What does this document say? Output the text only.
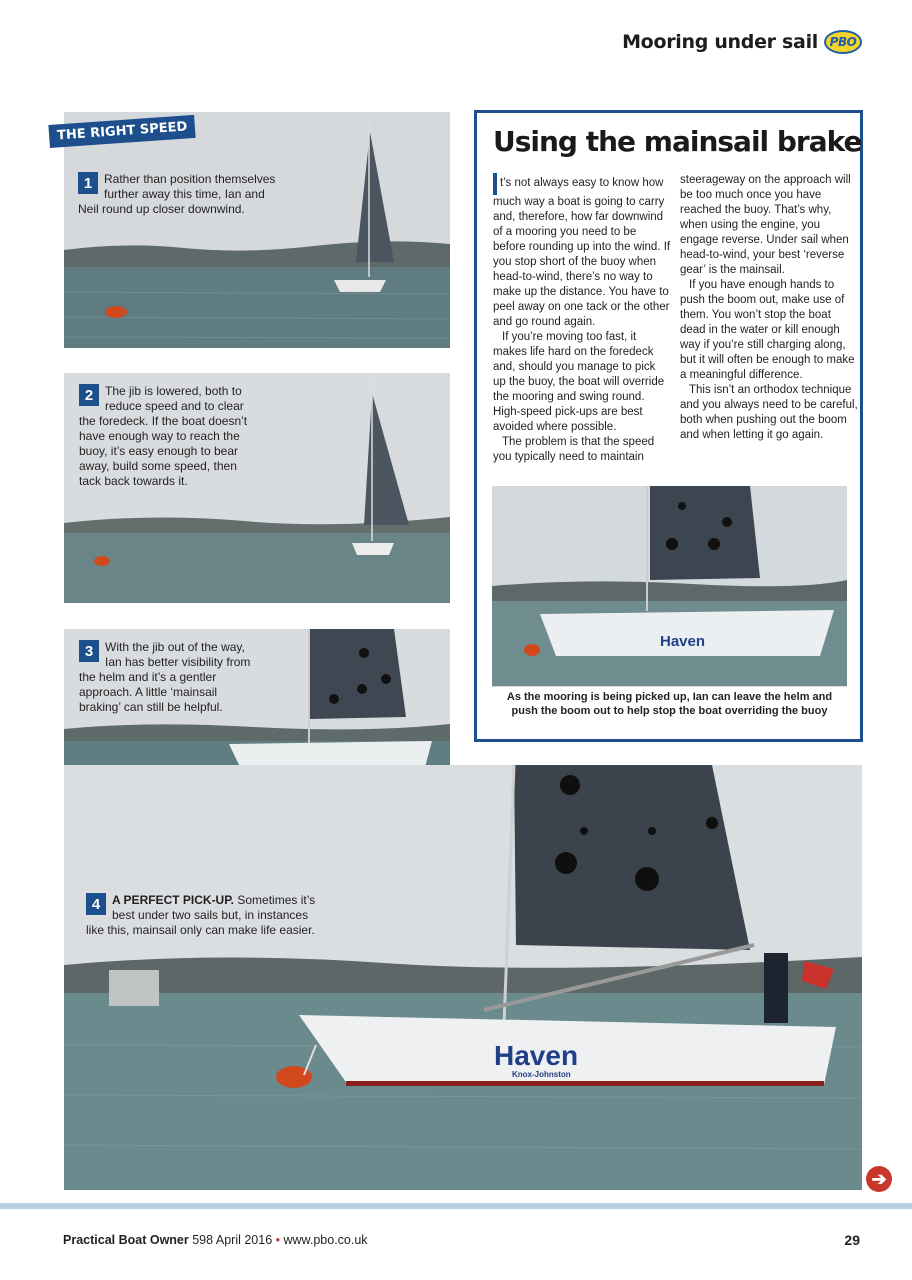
Mooring under sail PBO
THE RIGHT SPEED
1 Rather than position themselves further away this time, Ian and Neil round up closer downwind.
2 The jib is lowered, both to reduce speed and to clear the foredeck. If the boat doesn’t have enough way to reach the buoy, it’s easy enough to bear away, build some speed, then tack back towards it.
3 With the jib out of the way, Ian has better visibility from the helm and it’s a gentler approach. A little ‘mainsail braking’ can still be helpful.
Using the mainsail brake

t’s not always easy to know how much way a boat is going to carry and, therefore, how far downwind of a mooring you need to be before rounding up into the wind. If you stop short of the buoy when head-to-wind, there’s no way to make up the distance. You have to peel away on one tack or the other and go round again.

If you’re moving too fast, it makes life hard on the foredeck and, should you manage to pick up the buoy, the boat will override the mooring and swing round. High-speed pick-ups are best avoided where possible.

The problem is that the speed you typically need to maintain

steerageway on the approach will be too much once you have reached the buoy. That’s why, when using the engine, you engage reverse. Under sail when head-to-wind, your best ‘reverse gear’ is the mainsail.

If you have enough hands to push the boom out, make use of them. You won’t stop the boat dead in the water or kill enough way if you’re still charging along, but it will often be enough to make a meaningful difference.

This isn’t an orthodox technique and you always need to be careful, both when pushing out the boom and when letting it go again.

Haven
As the mooring is being picked up, Ian can leave the helm and push the boom out to help stop the boat overriding the buoy
Haven
Knox-Johnston
4 A PERFECT PICK-UP. Sometimes it’s best under two sails but, in instances like this, mainsail only can make life easier.
➔
Practical Boat Owner 598 April 2016 • www.pbo.co.uk	29
